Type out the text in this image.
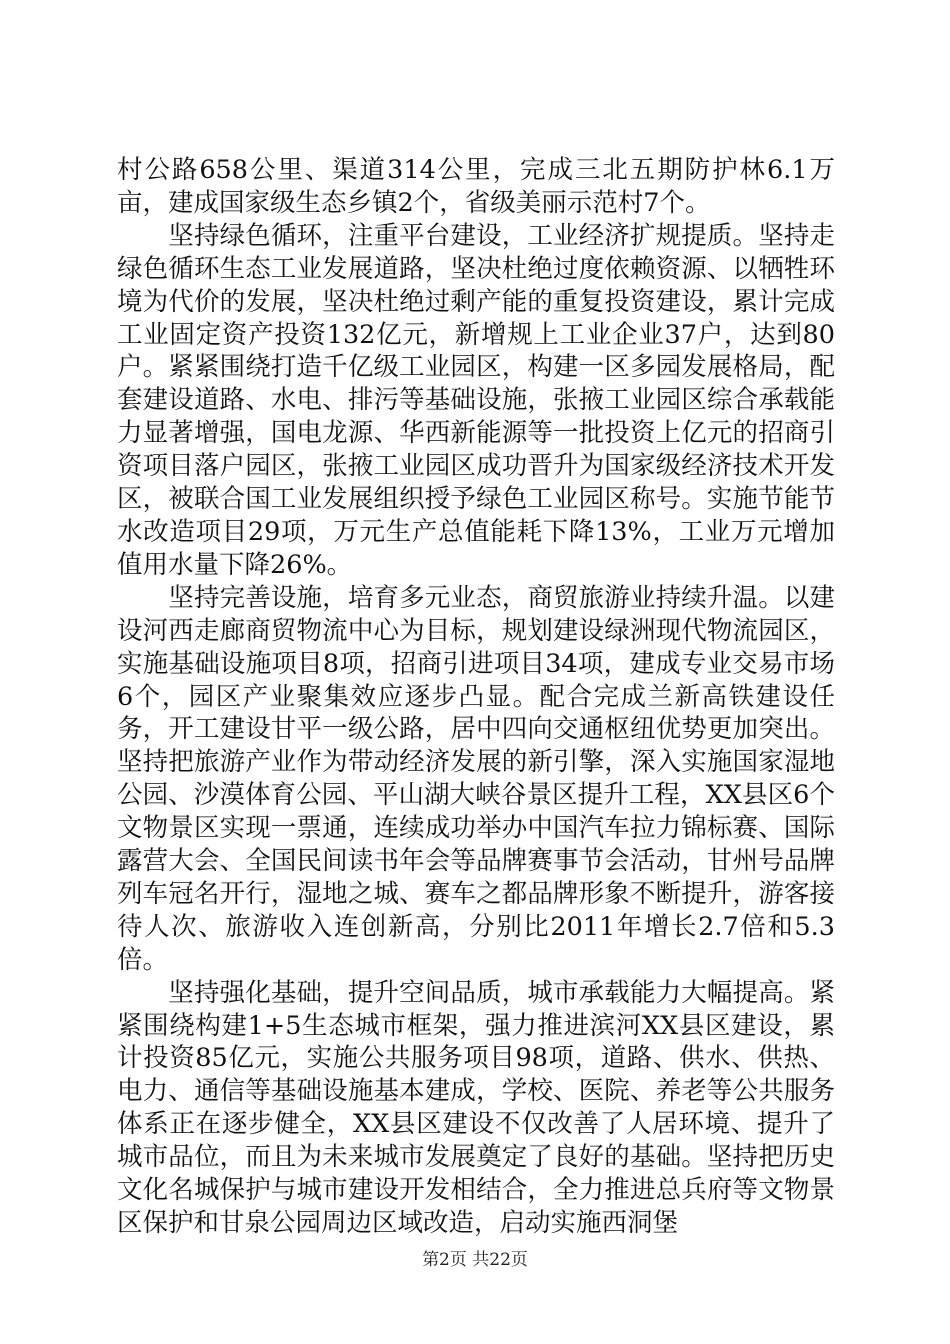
村公路658公里、渠道314公里，完成三北五期防护林6.1万亩，建成国家级生态乡镇2个，省级美丽示范村7个。

　　坚持绿色循环，注重平台建设，工业经济扩规提质。坚持走绿色循环生态工业发展道路，坚决杜绝过度依赖资源、以牺牲环境为代价的发展，坚决杜绝过剩产能的重复投资建设，累计完成工业固定资产投资132亿元，新增规上工业企业37户，达到80户。紧紧围绕打造千亿级工业园区，构建一区多园发展格局，配套建设道路、水电、排污等基础设施，张掖工业园区综合承载能力显著增强，国电龙源、华西新能源等一批投资上亿元的招商引资项目落户园区，张掖工业园区成功晋升为国家级经济技术开发区，被联合国工业发展组织授予绿色工业园区称号。实施节能节水改造项目29项，万元生产总值能耗下降13%，工业万元增加值用水量下降26%。

　　坚持完善设施，培育多元业态，商贸旅游业持续升温。以建设河西走廊商贸物流中心为目标，规划建设绿洲现代物流园区，实施基础设施项目8项，招商引进项目34项，建成专业交易市场6个，园区产业聚集效应逐步凸显。配合完成兰新高铁建设任务，开工建设甘平一级公路，居中四向交通枢纽优势更加突出。坚持把旅游产业作为带动经济发展的新引擎，深入实施国家湿地公园、沙漠体育公园、平山湖大峡谷景区提升工程，XX县区6个文物景区实现一票通，连续成功举办中国汽车拉力锦标赛、国际露营大会、全国民间读书年会等品牌赛事节会活动，甘州号品牌列车冠名开行，湿地之城、赛车之都品牌形象不断提升，游客接待人次、旅游收入连创新高，分别比2011年增长2.7倍和5.3倍。

　　坚持强化基础，提升空间品质，城市承载能力大幅提高。紧紧围绕构建1+5生态城市框架，强力推进滨河XX县区建设，累计投资85亿元，实施公共服务项目98项，道路、供水、供热、电力、通信等基础设施基本建成，学校、医院、养老等公共服务体系正在逐步健全，XX县区建设不仅改善了人居环境、提升了城市品位，而且为未来城市发展奠定了良好的基础。坚持把历史文化名城保护与城市建设开发相结合，全力推进总兵府等文物景区保护和甘泉公园周边区域改造，启动实施西洞堡

第2页 共22页
